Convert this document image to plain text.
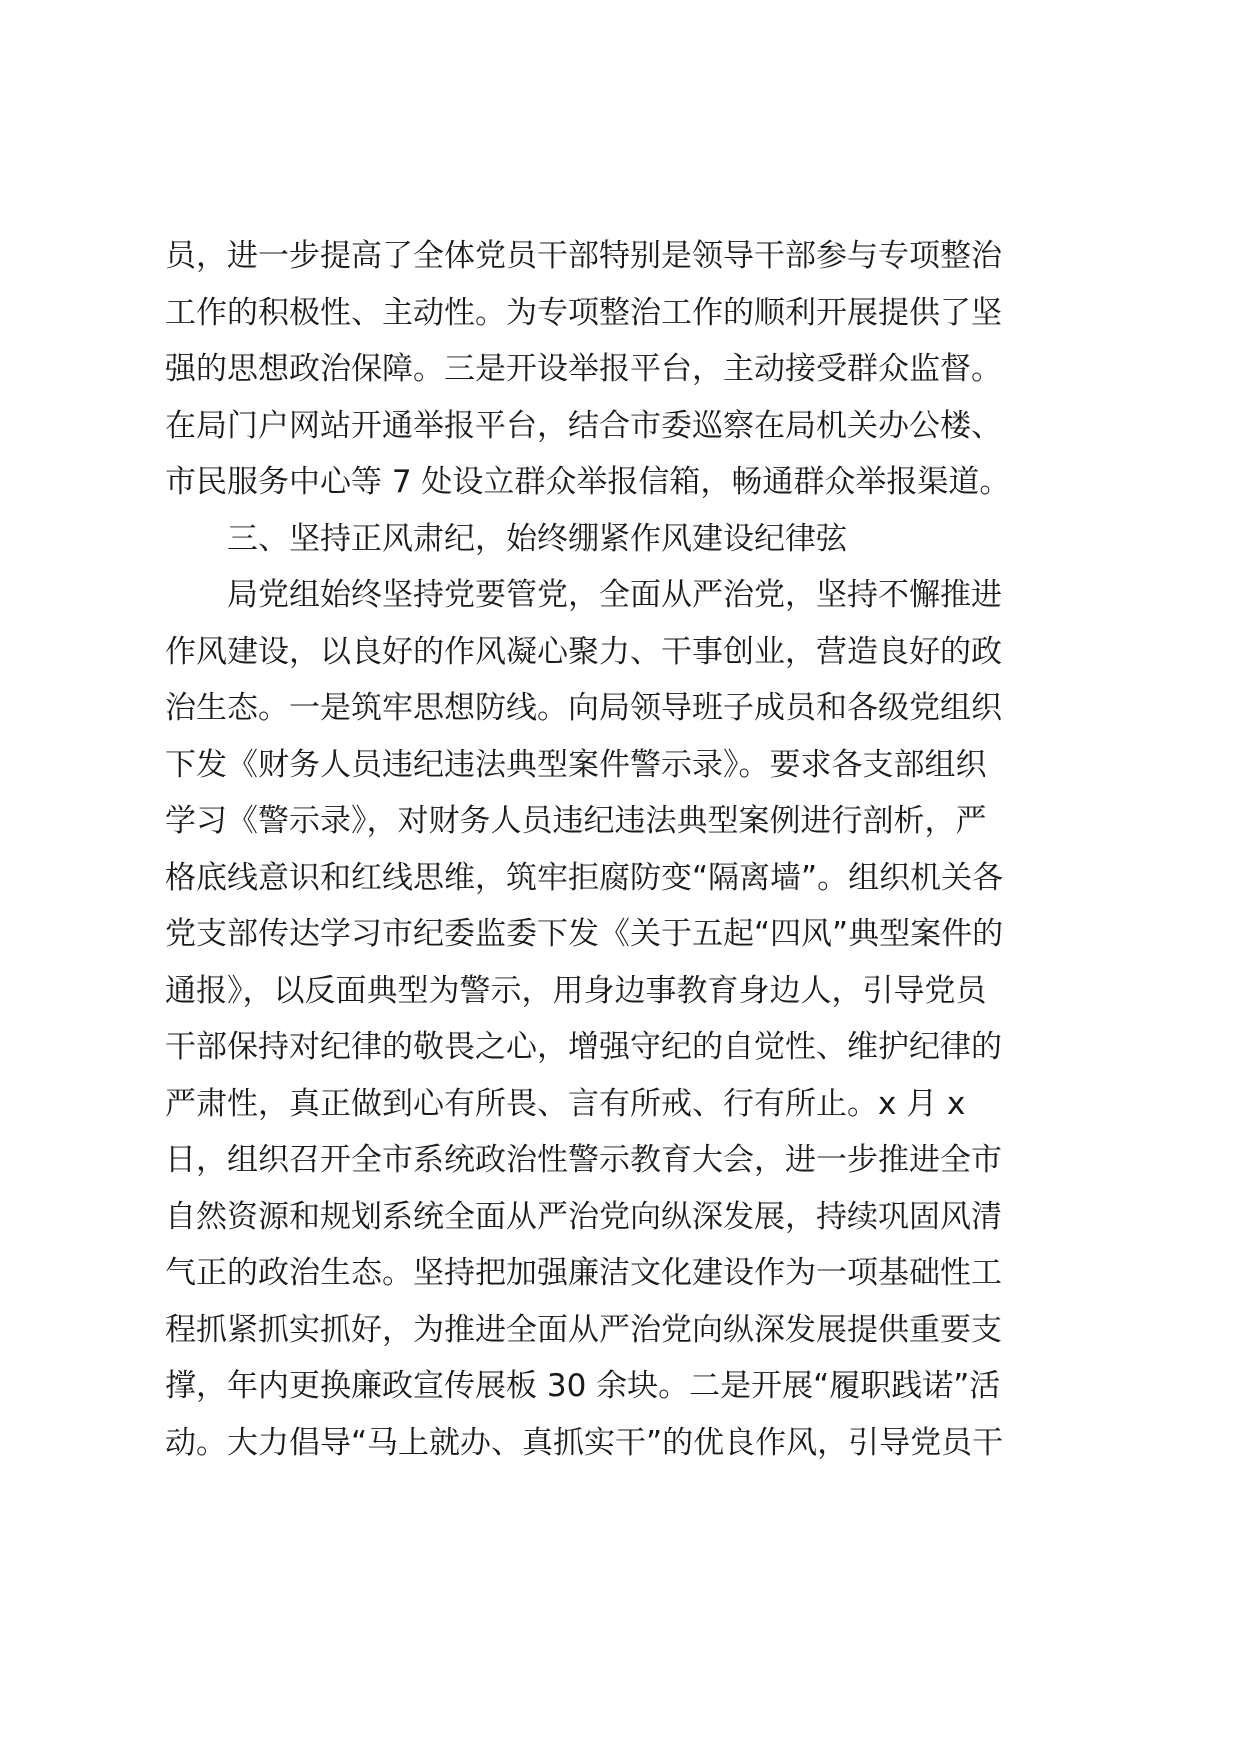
员，进一步提高了全体党员干部特别是领导干部参与专项整治
工作的积极性、主动性。为专项整治工作的顺利开展提供了坚
强的思想政治保障。三是开设举报平台，主动接受群众监督。
在局门户网站开通举报平台，结合市委巡察在局机关办公楼、
市民服务中心等 7 处设立群众举报信箱，畅通群众举报渠道。
三、坚持正风肃纪，始终绷紧作风建设纪律弦
局党组始终坚持党要管党，全面从严治党，坚持不懈推进
作风建设，以良好的作风凝心聚力、干事创业，营造良好的政
治生态。一是筑牢思想防线。向局领导班子成员和各级党组织
下发《财务人员违纪违法典型案件警示录》。要求各支部组织
学习《警示录》，对财务人员违纪违法典型案例进行剖析，严
格底线意识和红线思维，筑牢拒腐防变“隔离墙”。组织机关各
党支部传达学习市纪委监委下发《关于五起“四风”典型案件的
通报》，以反面典型为警示，用身边事教育身边人，引导党员
干部保持对纪律的敬畏之心，增强守纪的自觉性、维护纪律的
严肃性，真正做到心有所畏、言有所戒、行有所止。x 月 x
日，组织召开全市系统政治性警示教育大会，进一步推进全市
自然资源和规划系统全面从严治党向纵深发展，持续巩固风清
气正的政治生态。坚持把加强廉洁文化建设作为一项基础性工
程抓紧抓实抓好，为推进全面从严治党向纵深发展提供重要支
撑，年内更换廉政宣传展板 30 余块。二是开展“履职践诺”活
动。大力倡导“马上就办、真抓实干”的优良作风，引导党员干
